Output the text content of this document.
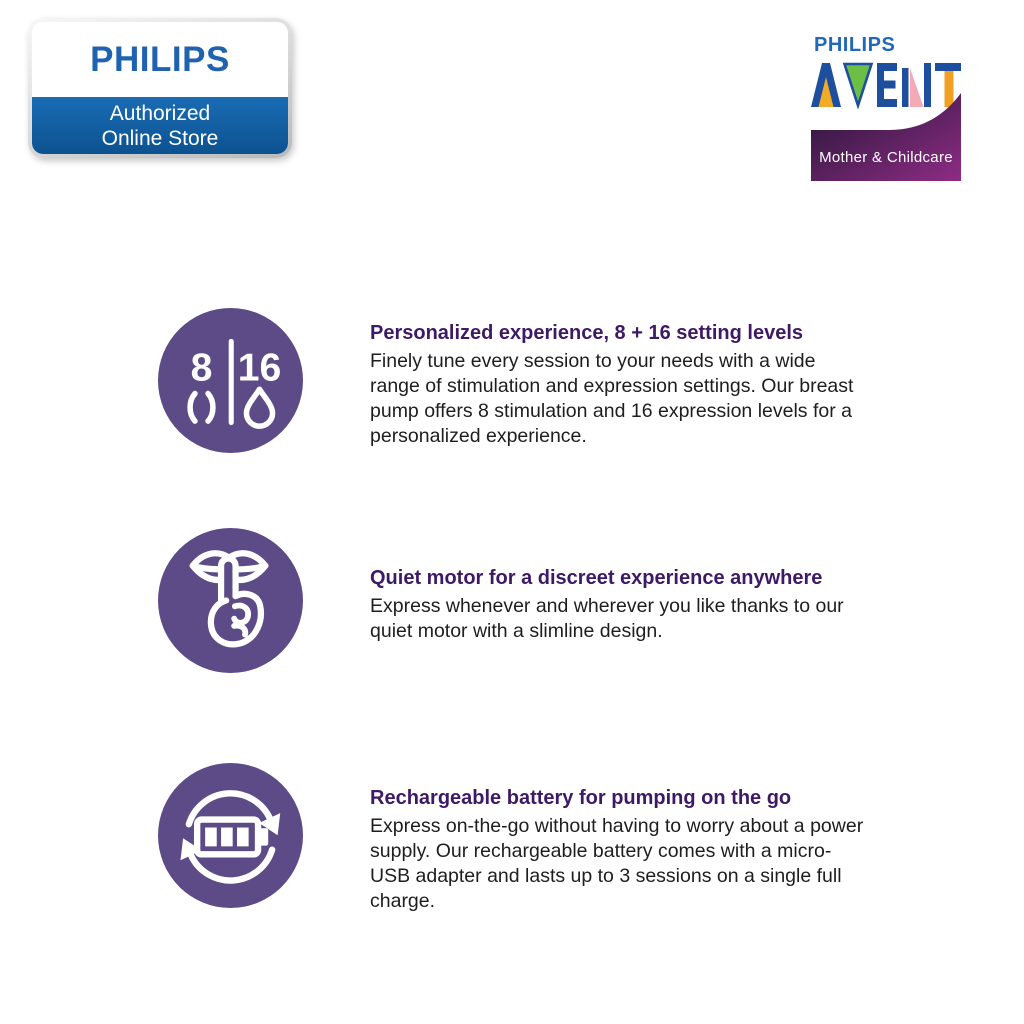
PHILIPS
Authorized
Online Store
PHILIPS
Mother & Childcare
8 16

Personalized experience, 8 + 16 setting levels

Finely tune every session to your needs with a wide range of stimulation and expression settings. Our breast pump offers 8 stimulation and 16 expression levels for a personalized experience.

Quiet motor for a discreet experience anywhere

Express whenever and wherever you like thanks to our quiet motor with a slimline design.

Rechargeable battery for pumping on the go

Express on-the-go without having to worry about a power supply. Our rechargeable battery comes with a micro-USB adapter and lasts up to 3 sessions on a single full charge.
